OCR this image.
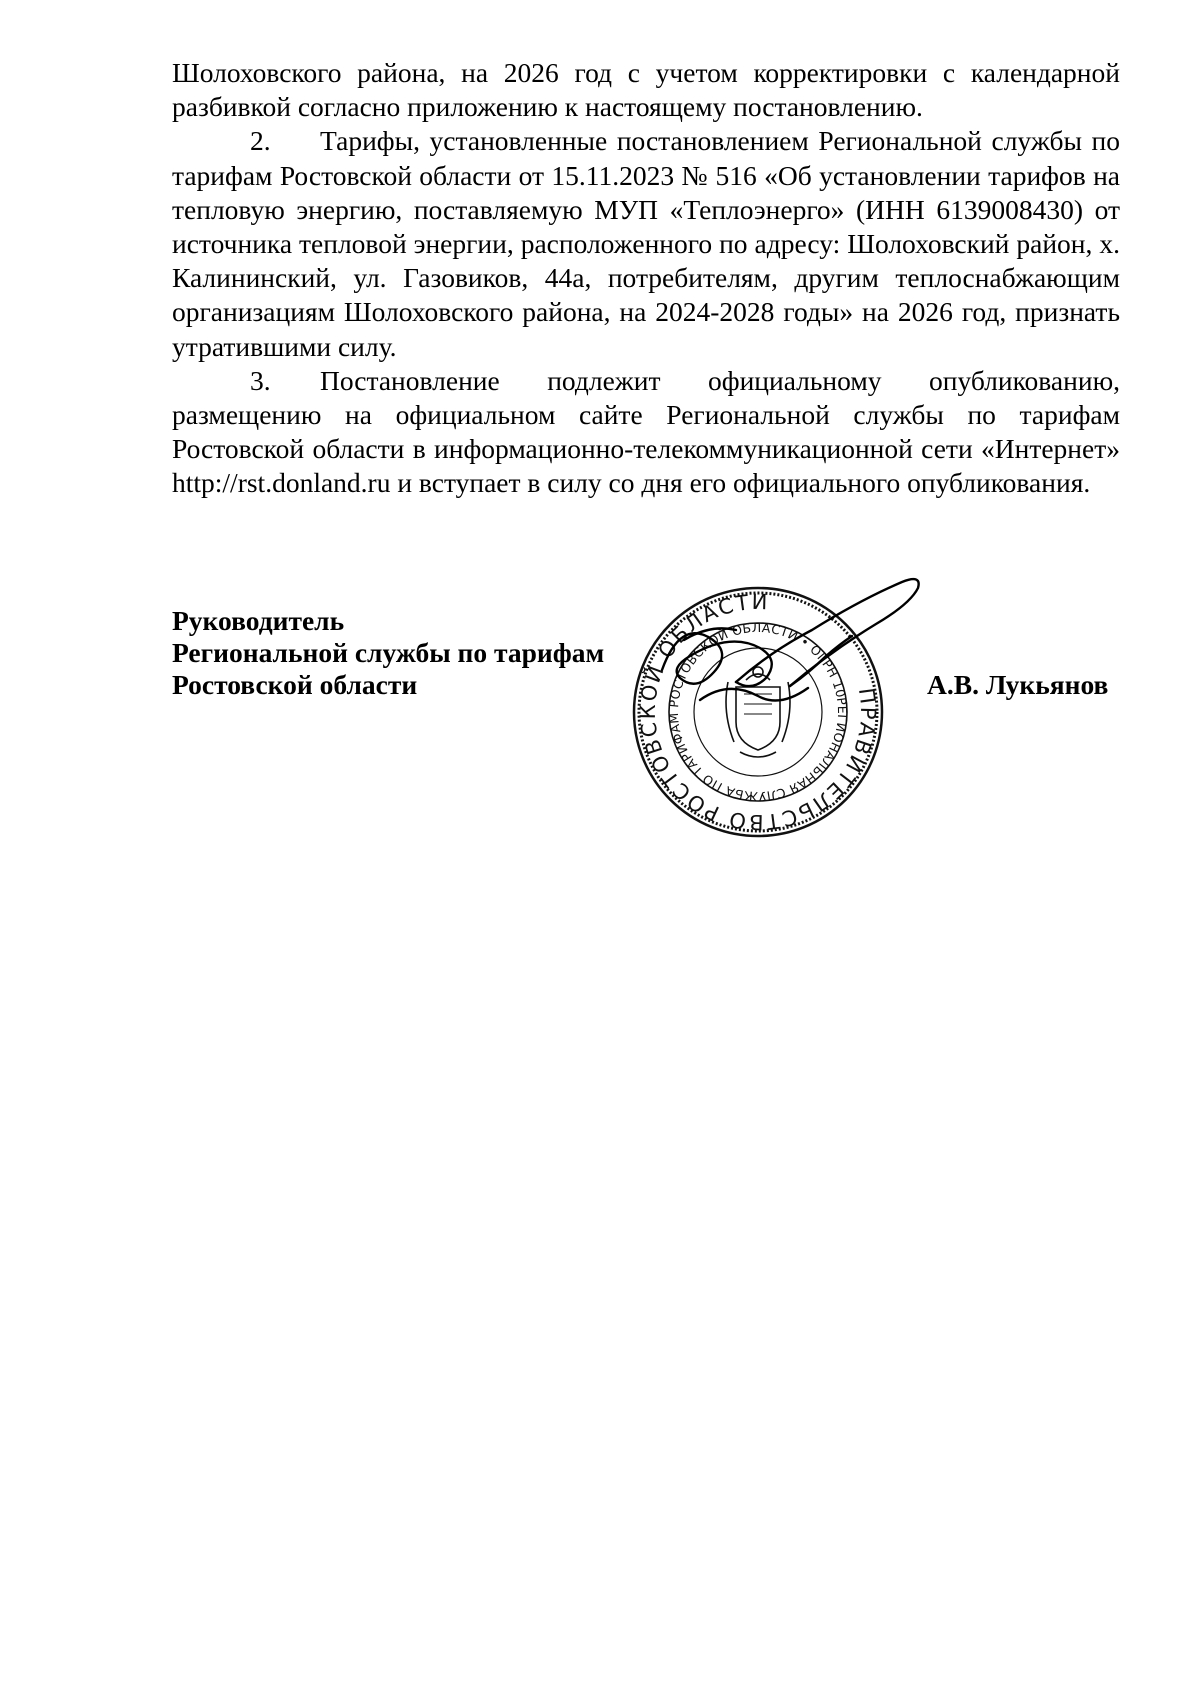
Шолоховского района, на 2026 год с учетом корректировки с календарной разбивкой согласно приложению к настоящему постановлению.

2. Тарифы, установленные постановлением Региональной службы по тарифам Ростовской области от 15.11.2023 № 516 «Об установлении тарифов на тепловую энергию, поставляемую МУП «Теплоэнерго» (ИНН 6139008430) от источника тепловой энергии, расположенного по адресу: Шолоховский район, х. Калининский, ул. Газовиков, 44а, потребителям, другим теплоснабжающим организациям Шолоховского района, на 2024-2028 годы» на 2026 год, признать утратившими силу.

3. Постановление подлежит официальному опубликованию, размещению на официальном сайте Региональной службы по тарифам Ростовской области в информационно-телекоммуникационной сети «Интернет» http://rst.donland.ru и вступает в силу со дня его официального опубликования.

Руководитель
Региональной службы по тарифам
Ростовской области	ПРАВИТЕЛЬСТВО РОСТОВСКОЙ ОБЛАСТИ
РЕГИОНАЛЬНАЯ СЛУЖБА ПО ТАРИФАМ РОСТОВСКОЙ ОБЛАСТИ • ОГРН 1026104157265
А.В. Лукьянов
